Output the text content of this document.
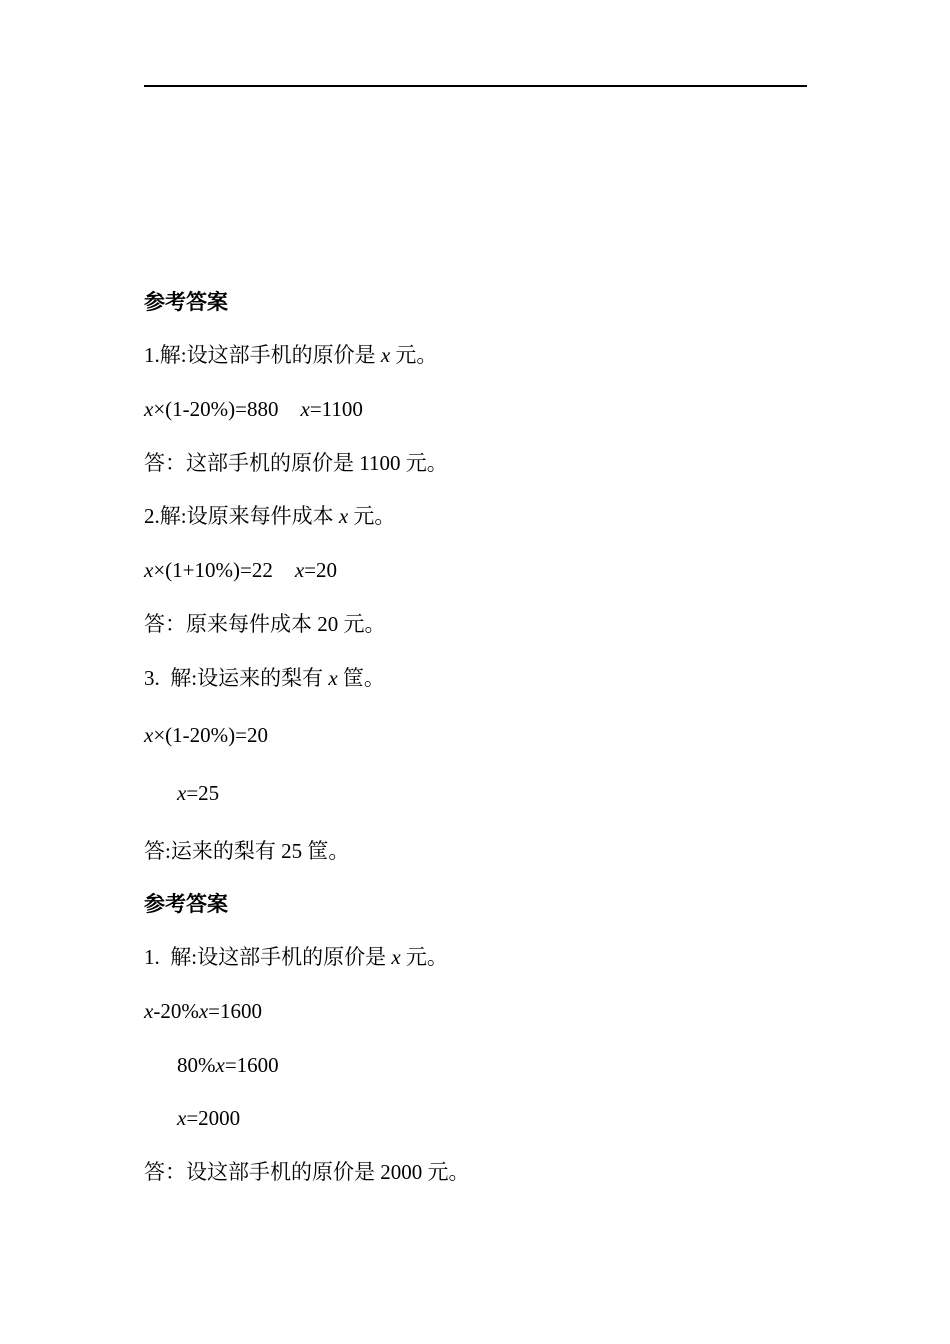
参考答案
1.解:设这部手机的原价是 x 元。
x×(1-20%)=880 x=1100
答：这部手机的原价是 1100 元。
2.解:设原来每件成本 x 元。
x×(1+10%)=22 x=20
答：原来每件成本 20 元。
3.  解:设运来的梨有 x 筐。
x×(1-20%)=20
x=25
答:运来的梨有 25 筐。
参考答案
1.  解:设这部手机的原价是 x 元。
x-20%x=1600
80%x=1600
x=2000
答：设这部手机的原价是 2000 元。
